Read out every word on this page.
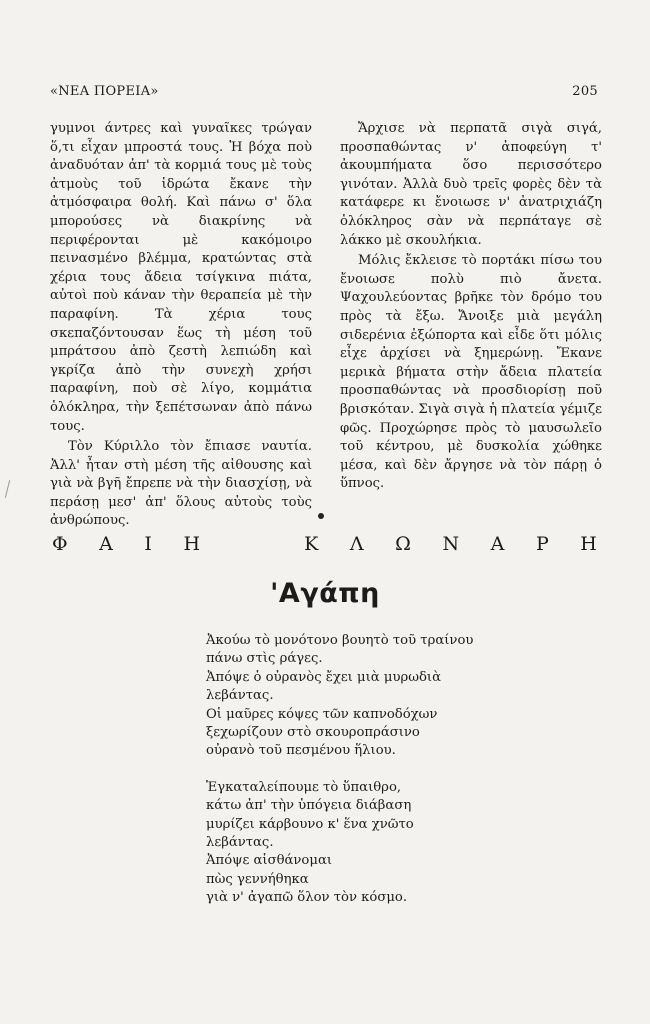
«ΝΕΑ ΠΟΡΕΙΑ»	205

γυμνοι άντρες καὶ γυναῖκες τρώγαν ὅ,τι εἶχαν μπροστά τους. Ἡ βόχα ποὺ ἀναδυόταν ἀπ' τὰ κορμιά τους μὲ τοὺς ἀτμοὺς τοῦ ἱδρώτα ἔκανε τὴν ἀτμόσφαιρα θολή. Καὶ πάνω σ' ὅλα μπορούσες νὰ διακρίνης νὰ περιφέρονται μὲ κακόμοιρο πεινασμένο βλέμμα, κρατώντας στὰ χέρια τους ἄδεια τσίγκινα πιάτα, αὐτοὶ ποὺ κάναν τὴν θεραπεία μὲ τὴν παραφίνη. Τὰ χέρια τους σκεπαζόντουσαν ἕως τὴ μέση τοῦ μπράτσου ἀπὸ ζεστὴ λεπιώδη καὶ γκρίζα ἀπὸ τὴν συνεχὴ χρήσι παραφίνη, ποὺ σὲ λίγο, κομμάτια ὁλόκληρα, τὴν ξεπέτσωναν ἀπὸ πάνω τους.

Τὸν Κύριλλο τὸν ἔπιασε ναυτία. Ἀλλ' ἦταν στὴ μέση τῆς αἰθουσης καὶ γιὰ νὰ βγῆ ἔπρεπε νὰ τὴν διασχίσῃ, νὰ περάσῃ μεσ' ἀπ' ὅλους αὐτοὺς τοὺς ἀνθρώπους.

Ἄρχισε νὰ περπατᾶ σιγὰ σιγά, προσπαθώντας ν' ἀποφεύγη τ' ἀκουμπήματα ὅσο περισσότερο γινόταν. Ἀλλὰ δυὸ τρεῖς φορὲς δὲν τὰ κατάφερε κι ἔνοιωσε ν' ἀνατριχιάζη ὁλόκληρος σὰν νὰ περπάταγε σὲ λάκκο μὲ σκουλήκια.

Μόλις ἔκλεισε τὸ πορτάκι πίσω του ἔνοιωσε πολὺ πιὸ ἄνετα. Ψαχουλεύοντας βρῆκε τὸν δρόμο του πρὸς τὰ ἔξω. Ἄνοιξε μιὰ μεγάλη σιδερένια ἐξώπορτα καὶ εἶδε ὅτι μόλις εἶχε ἀρχίσει νὰ ξημερώνῃ. Ἔκανε μερικὰ βήματα στὴν ἄδεια πλατεία προσπαθώντας νὰ προσδιορίσῃ ποῦ βρισκόταν. Σιγὰ σιγὰ ἡ πλατεία γέμιζε φῶς. Προχώρησε πρὸς τὸ μαυσωλεῖο τοῦ κέντρου, μὲ δυσκολία χώθηκε μέσα, καὶ δὲν ἄργησε νὰ τὸν πάρῃ ὁ ὕπνος.

Φ Α Ι Η	Κ Λ Ω Ν Α Ρ Η
'Αγάπη
Ἀκούω τὸ μονότονο βουητὸ τοῦ τραίνου
πάνω στὶς ράγες.
Ἀπόψε ὁ οὐρανὸς ἔχει μιὰ μυρωδιὰ
λεβάντας.
Οἱ μαῦρες κόψες τῶν καπνοδόχων
ξεχωρίζουν στὸ σκουροπράσινο
οὐρανὸ τοῦ πεσμένου ἥλιου.
Ἐγκαταλείπουμε τὸ ὕπαιθρο,
κάτω ἀπ' τὴν ὑπόγεια διάβαση
μυρίζει κάρβουνο κ' ἕνα χνῶτο
λεβάντας.
Ἀπόψε αἰσθάνομαι
πὼς γεννήθηκα
γιὰ ν' ἀγαπῶ ὅλον τὸν κόσμο.
